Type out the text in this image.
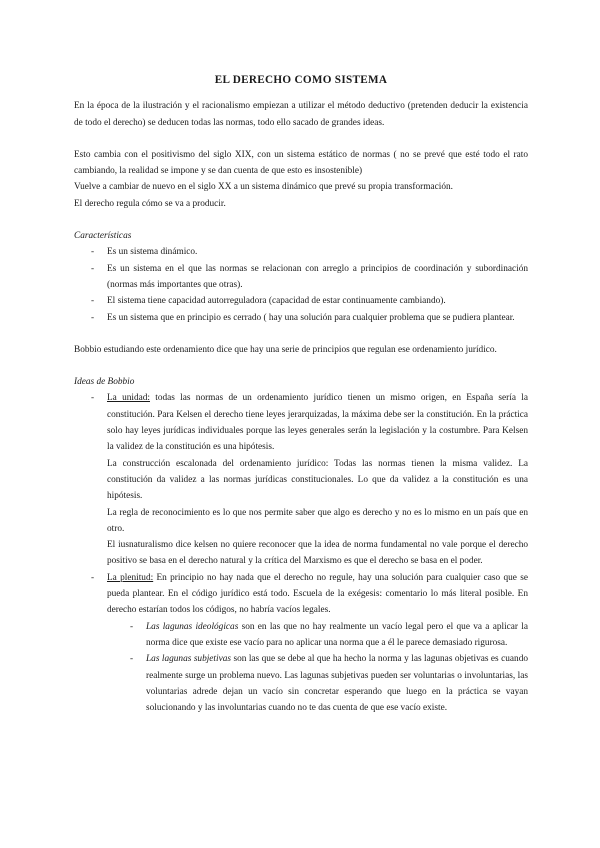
EL DERECHO COMO SISTEMA

En la época de la ilustración y el racionalismo empiezan a utilizar el método deductivo (pretenden deducir la existencia de todo el derecho) se deducen todas las normas, todo ello sacado de grandes ideas.

Esto cambia con el positivismo del siglo XIX, con un sistema estático de normas ( no se prevé que esté todo el rato cambiando, la realidad se impone y se dan cuenta de que esto es insostenible)

Vuelve a cambiar de nuevo en el siglo XX a un sistema dinámico que prevé su propia transformación.

El derecho regula cómo se va a producir.

Características

- Es un sistema dinámico.
- Es un sistema en el que las normas se relacionan con arreglo a principios de coordinación y subordinación (normas más importantes que otras).
- El sistema tiene capacidad autorreguladora (capacidad de estar continuamente cambiando).
- Es un sistema que en principio es cerrado ( hay una solución para cualquier problema que se pudiera plantear.

Bobbio estudiando este ordenamiento dice que hay una serie de principios que regulan ese ordenamiento jurídico.

Ideas de Bobbio

- La unidad: todas las normas de un ordenamiento jurídico tienen un mismo origen, en España sería la constitución. Para Kelsen el derecho tiene leyes jerarquizadas, la máxima debe ser la constitución. En la práctica solo hay leyes jurídicas individuales porque las leyes generales serán la legislación y la costumbre. Para Kelsen la validez de la constitución es una hipótesis.

La construcción escalonada del ordenamiento jurídico: Todas las normas tienen la misma validez. La constitución da validez a las normas jurídicas constitucionales. Lo que da validez a la constitución es una hipótesis.

La regla de reconocimiento es lo que nos permite saber que algo es derecho y no es lo mismo en un país que en otro.

El iusnaturalismo dice kelsen no quiere reconocer que la idea de norma fundamental no vale porque el derecho positivo se basa en el derecho natural y la crítica del Marxismo es que el derecho se basa en el poder.

- La plenitud: En principio no hay nada que el derecho no regule, hay una solución para cualquier caso que se pueda plantear. En el código jurídico está todo. Escuela de la exégesis: comentario lo más literal posible. En derecho estarían todos los códigos, no habría vacíos legales.
- Las lagunas ideológicas son en las que no hay realmente un vacío legal pero el que va a aplicar la norma dice que existe ese vacío para no aplicar una norma que a él le parece demasiado rigurosa.
- Las lagunas subjetivas son las que se debe al que ha hecho la norma y las lagunas objetivas es cuando realmente surge un problema nuevo. Las lagunas subjetivas pueden ser voluntarias o involuntarias, las voluntarias adrede dejan un vacío sin concretar esperando que luego en la práctica se vayan solucionando y las involuntarias cuando no te das cuenta de que ese vacío existe.
